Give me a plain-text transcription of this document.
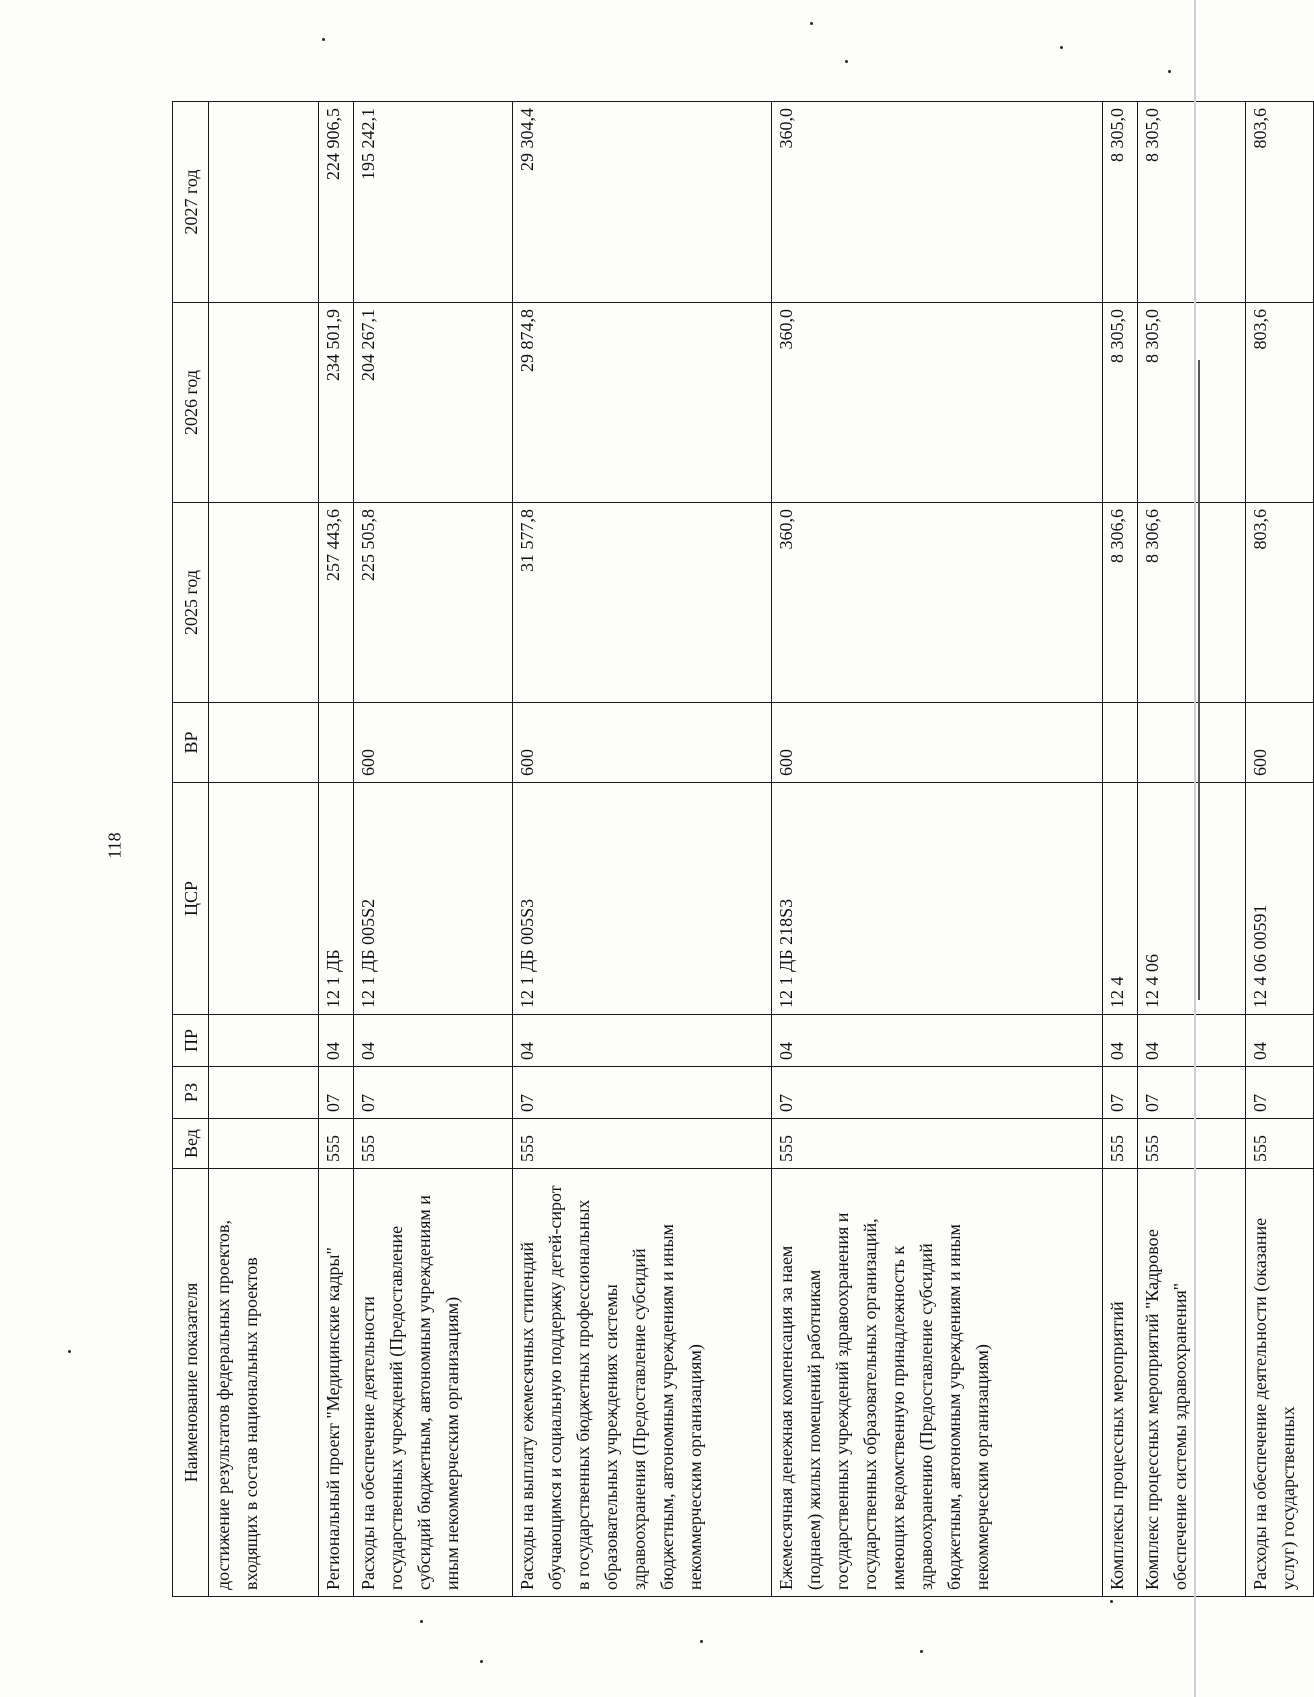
118
Наименование показателя	Вед	РЗ	ПР	ЦСР	ВР	2025 год	2026 год	2027 год
достижение результатов федеральных проектов, входящих в состав национальных проектов								
Региональный проект "Медицинские кадры"	555	07	04	12 1 ДБ		257 443,6	234 501,9	224 906,5
Расходы на обеспечение деятельности государственных учреждений (Предоставление субсидий бюджетным, автономным учреждениям и иным некоммерческим организациям)	555	07	04	12 1 ДБ 005S2	600	225 505,8	204 267,1	195 242,1
Расходы на выплату ежемесячных стипендий обучающимся и социальную поддержку детей-сирот в государственных бюджетных профессиональных образовательных учреждениях системы здравоохранения (Предоставление субсидий бюджетным, автономным учреждениям и иным некоммерческим организациям)	555	07	04	12 1 ДБ 005S3	600	31 577,8	29 874,8	29 304,4
Ежемесячная денежная компенсация за наем (поднаем) жилых помещений работникам государственных учреждений здравоохранения и государственных образовательных организаций, имеющих ведомственную принадлежность к здравоохранению (Предоставление субсидий бюджетным, автономным учреждениям и иным некоммерческим организациям)	555	07	04	12 1 ДБ 218S3	600	360,0	360,0	360,0
Комплексы процессных мероприятий	555	07	04	12 4		8 306,6	8 305,0	8 305,0
Комплекс процессных мероприятий "Кадровое обеспечение системы здравоохранения"	555	07	04	12 4 06		8 306,6	8 305,0	8 305,0
Расходы на обеспечение деятельности (оказание услуг) государственных	555	07	04	12 4 06 00591	600	803,6	803,6	803,6
